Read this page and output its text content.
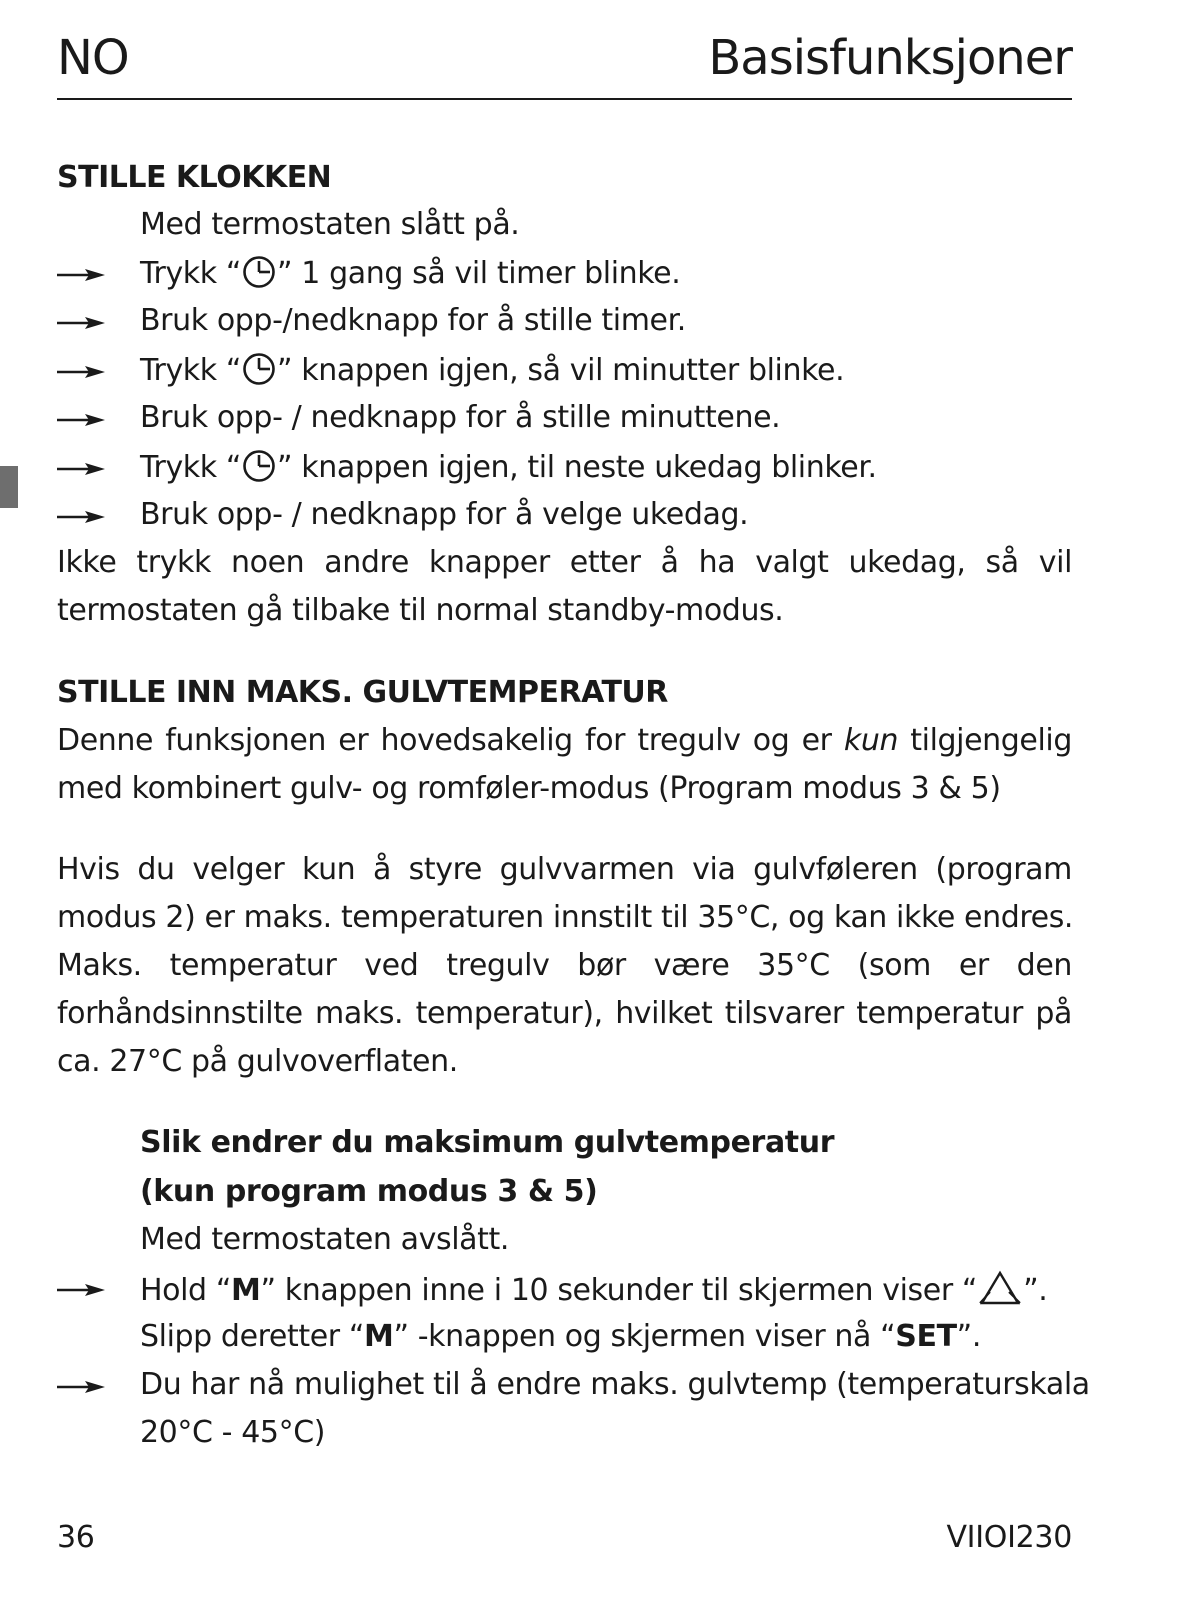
NO	Basisfunksjoner
STILLE KLOKKEN
Med termostaten slått på.
Trykk “ ” 1 gang så vil timer blinke.
Bruk opp-/nedknapp for å stille timer.
Trykk “ ” knappen igjen, så vil minutter blinke.
Bruk opp- / nedknapp for å stille minuttene.
Trykk “ ” knappen igjen, til neste ukedag blinker.
Bruk opp- / nedknapp for å velge ukedag.
Ikke trykk noen andre knapper etter å ha valgt ukedag, så vil
termostaten gå tilbake til normal standby-modus.
STILLE INN MAKS. GULVTEMPERATUR
Denne funksjonen er hovedsakelig for tregulv og er kun tilgjengelig
med kombinert gulv- og romføler-modus (Program modus 3 & 5)
Hvis du velger kun å styre gulvvarmen via gulvføleren (program
modus 2) er maks. temperaturen innstilt til 35°C, og kan ikke endres.
Maks. temperatur ved tregulv bør være 35°C (som er den
forhåndsinnstilte maks. temperatur), hvilket tilsvarer temperatur på
ca. 27°C på gulvoverflaten.
Slik endrer du maksimum gulvtemperatur
(kun program modus 3 & 5)
Med termostaten avslått.
Hold “M” knappen inne i 10 sekunder til skjermen viser “ ”.
Slipp deretter “M” -knappen og skjermen viser nå “SET”.
Du har nå mulighet til å endre maks. gulvtemp (temperaturskala
20°C - 45°C)
36	VIIOI230
